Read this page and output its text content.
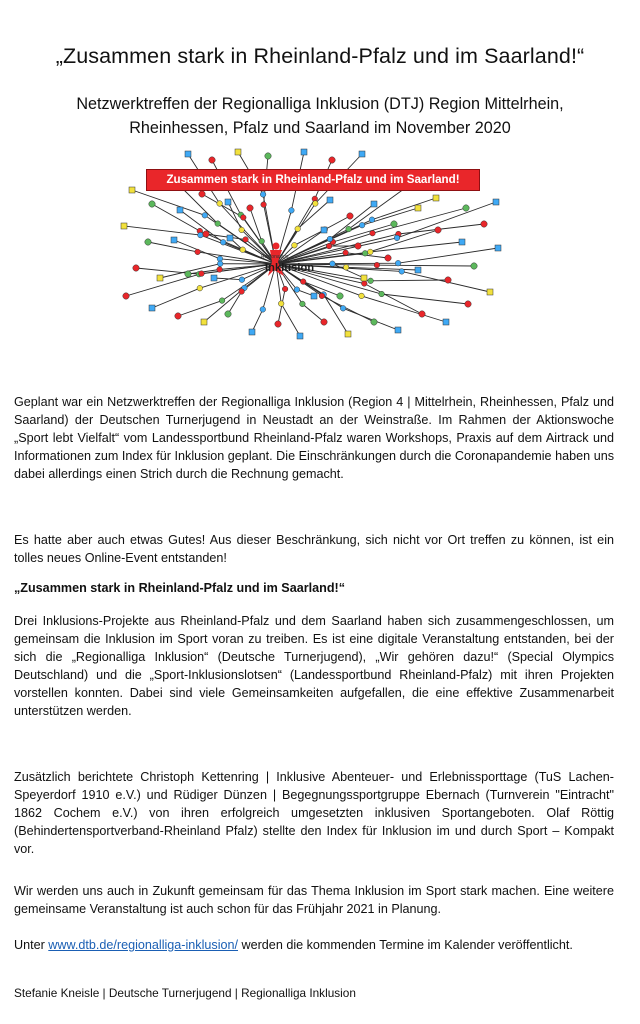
„Zusammen stark in Rheinland-Pfalz und im Saarland!“

Netzwerktreffen der Regionalliga Inklusion (DTJ) Region Mittelrhein,
Rheinhessen, Pfalz und Saarland im November 2020

Zusammen stark in Rheinland-Pfalz und im Saarland!
Regionalliga
Inklusion

Geplant war ein Netzwerktreffen der Regionalliga Inklusion (Region 4 | Mittelrhein, Rheinhessen, Pfalz und Saarland) der Deutschen Turnerjugend in Neustadt an der Weinstraße. Im Rahmen der Aktionswoche „Sport lebt Vielfalt“ vom Landessportbund Rheinland-Pfalz waren Workshops, Praxis auf dem Airtrack und Informationen zum Index für Inklusion geplant. Die Einschränkungen durch die Coronapandemie haben uns dabei allerdings einen Strich durch die Rechnung gemacht.

Es hatte aber auch etwas Gutes! Aus dieser Beschränkung, sich nicht vor Ort treffen zu können, ist ein tolles neues Online-Event entstanden!

„Zusammen stark in Rheinland-Pfalz und im Saarland!“

Drei Inklusions-Projekte aus Rheinland-Pfalz und dem Saarland haben sich zusammengeschlossen, um gemeinsam die Inklusion im Sport voran zu treiben. Es ist eine digitale Veranstaltung entstanden, bei der sich die „Regionalliga Inklusion“ (Deutsche Turnerjugend), „Wir gehören dazu!“ (Special Olympics Deutschland) und die „Sport-Inklusionslotsen“ (Landessportbund Rheinland-Pfalz) mit ihren Projekten vorstellen konnten. Dabei sind viele Gemeinsamkeiten aufgefallen, die eine effektive Zusammenarbeit unterstützen werden.

Zusätzlich berichtete Christoph Kettenring | Inklusive Abenteuer- und Erlebnissporttage (TuS Lachen-Speyerdorf 1910 e.V.) und Rüdiger Dünzen | Begegnungssportgruppe Ebernach (Turnverein "Eintracht" 1862 Cochem e.V.) von ihren erfolgreich umgesetzten inklusiven Sportangeboten. Olaf Röttig (Behindertensportverband-Rheinland Pfalz) stellte den Index für Inklusion im und durch Sport – Kompakt vor.

Wir werden uns auch in Zukunft gemeinsam für das Thema Inklusion im Sport stark machen. Eine weitere gemeinsame Veranstaltung ist auch schon für das Frühjahr 2021 in Planung.

Unter www.dtb.de/regionalliga-inklusion/ werden die kommenden Termine im Kalender veröffentlicht.

Stefanie Kneisle | Deutsche Turnerjugend | Regionalliga Inklusion
